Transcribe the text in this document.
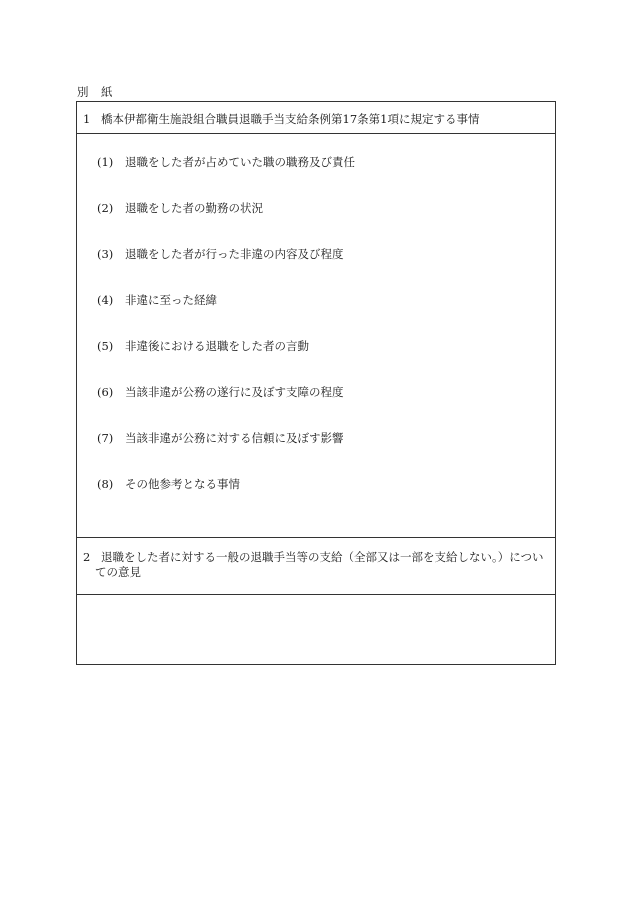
別　紙
1 橋本伊都衛生施設組合職員退職手当支給条例第17条第1項に規定する事情
(1) 退職をした者が占めていた職の職務及び責任
(2) 退職をした者の勤務の状況
(3) 退職をした者が行った非違の内容及び程度
(4) 非違に至った経緯
(5) 非違後における退職をした者の言動
(6) 当該非違が公務の遂行に及ぼす支障の程度
(7) 当該非違が公務に対する信頼に及ぼす影響
(8) その他参考となる事情
2 退職をした者に対する一般の退職手当等の支給（全部又は一部を支給しない。）につい
ての意見
